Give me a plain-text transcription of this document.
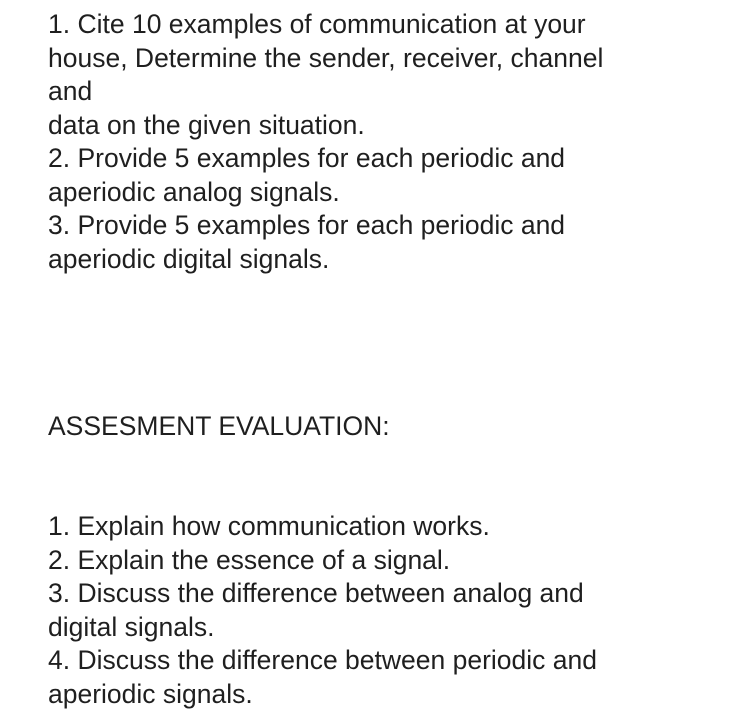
1. Cite 10 examples of communication at your
house, Determine the sender, receiver, channel
and
data on the given situation.
2. Provide 5 examples for each periodic and
aperiodic analog signals.
3. Provide 5 examples for each periodic and
aperiodic digital signals.
ASSESMENT EVALUATION:
1. Explain how communication works.
2. Explain the essence of a signal.
3. Discuss the difference between analog and
digital signals.
4. Discuss the difference between periodic and
aperiodic signals.
